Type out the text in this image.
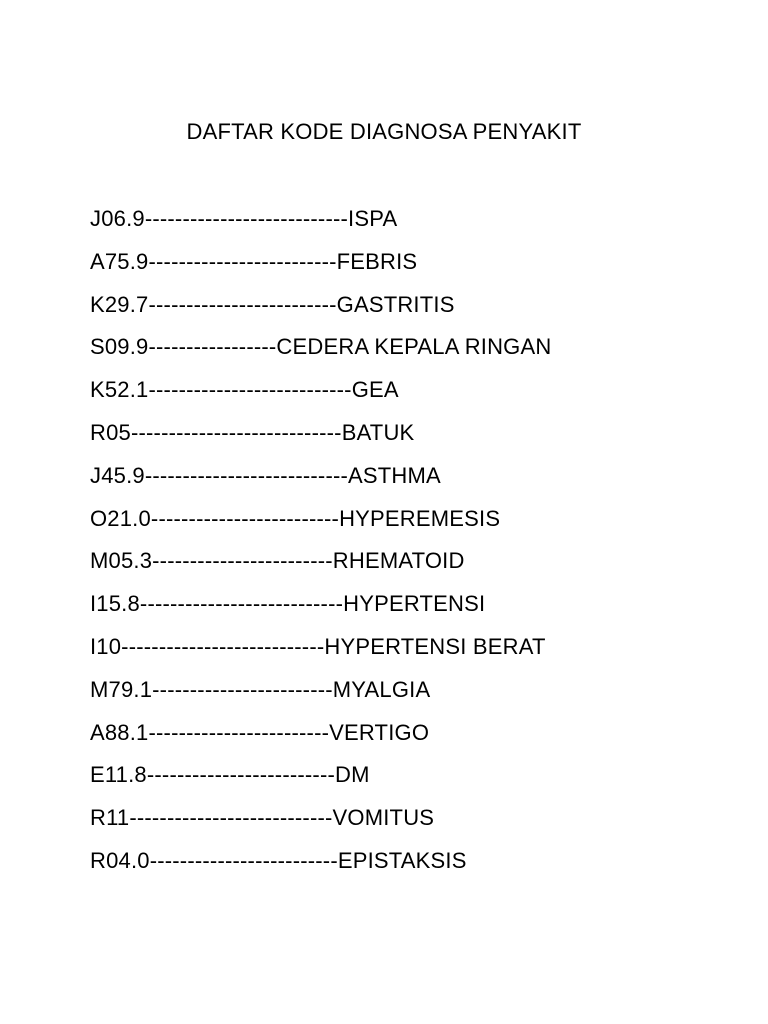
DAFTAR KODE DIAGNOSA PENYAKIT
J06.9---------------------------ISPA
A75.9-------------------------FEBRIS
K29.7-------------------------GASTRITIS
S09.9-----------------CEDERA KEPALA RINGAN
K52.1---------------------------GEA
R05----------------------------BATUK
J45.9---------------------------ASTHMA
O21.0-------------------------HYPEREMESIS
M05.3------------------------RHEMATOID
I15.8---------------------------HYPERTENSI
I10---------------------------HYPERTENSI BERAT
M79.1------------------------MYALGIA
A88.1------------------------VERTIGO
E11.8-------------------------DM
R11---------------------------VOMITUS
R04.0-------------------------EPISTAKSIS
